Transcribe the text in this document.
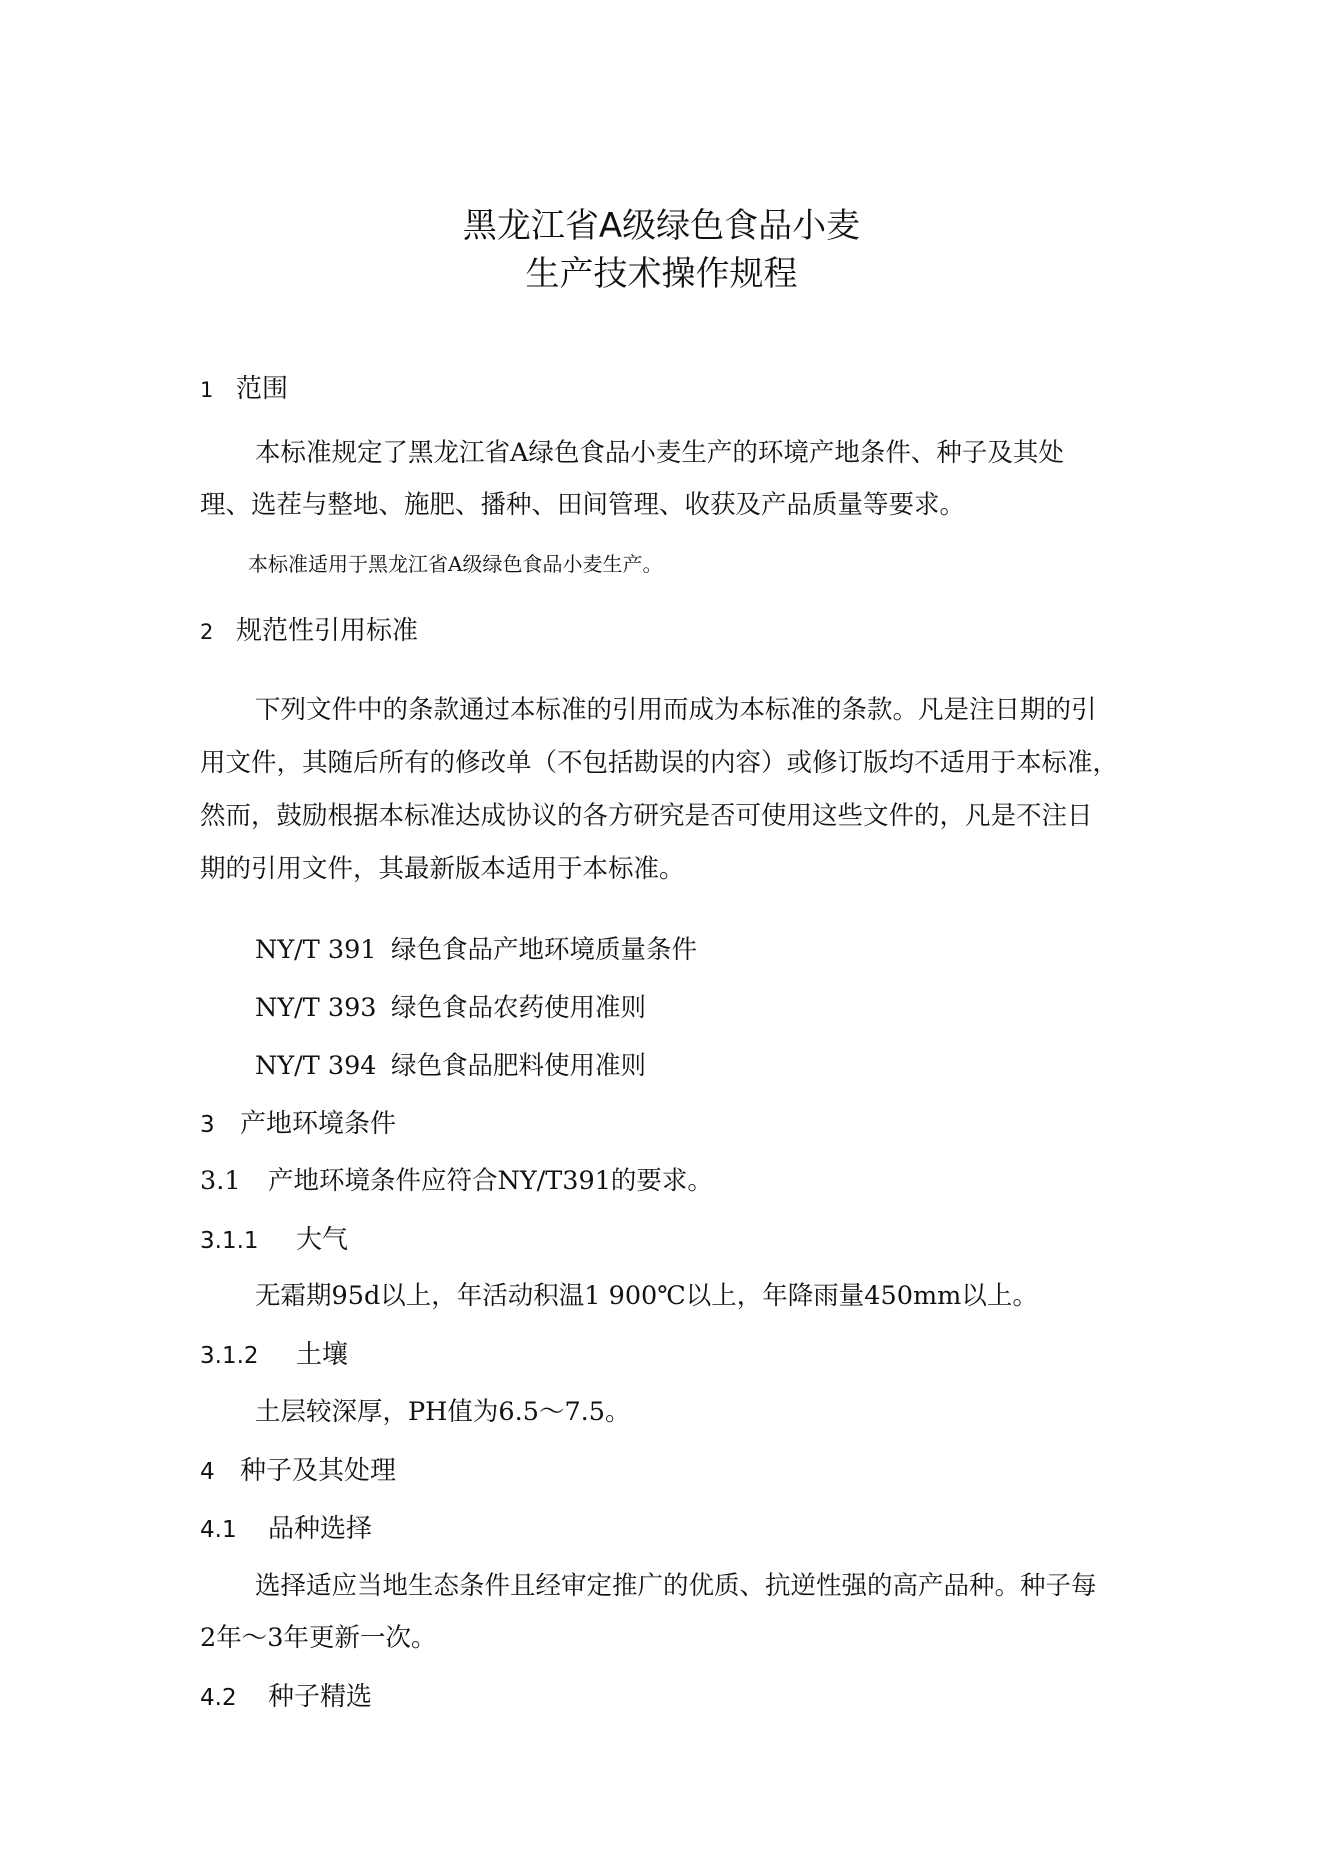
黑龙江省A级绿色食品小麦
生产技术操作规程
1 范围
本标准规定了黑龙江省A绿色食品小麦生产的环境产地条件、种子及其处
理、选茬与整地、施肥、播种、田间管理、收获及产品质量等要求。
本标准适用于黑龙江省A级绿色食品小麦生产。
2 规范性引用标准
下列文件中的条款通过本标准的引用而成为本标准的条款。凡是注日期的引
用文件，其随后所有的修改单（不包括勘误的内容）或修订版均不适用于本标准，
然而，鼓励根据本标准达成协议的各方研究是否可使用这些文件的，凡是不注日
期的引用文件，其最新版本适用于本标准。
NY/T 391 绿色食品产地环境质量条件
NY/T 393 绿色食品农药使用准则
NY/T 394 绿色食品肥料使用准则
3 产地环境条件
3.1 产地环境条件应符合NY/T391的要求。
3.1.1 大气
无霜期95d以上，年活动积温1 900℃以上，年降雨量450mm以上。
3.1.2 土壤
土层较深厚，PH值为6.5～7.5。
4 种子及其处理
4.1 品种选择
选择适应当地生态条件且经审定推广的优质、抗逆性强的高产品种。种子每
2年～3年更新一次。
4.2 种子精选
